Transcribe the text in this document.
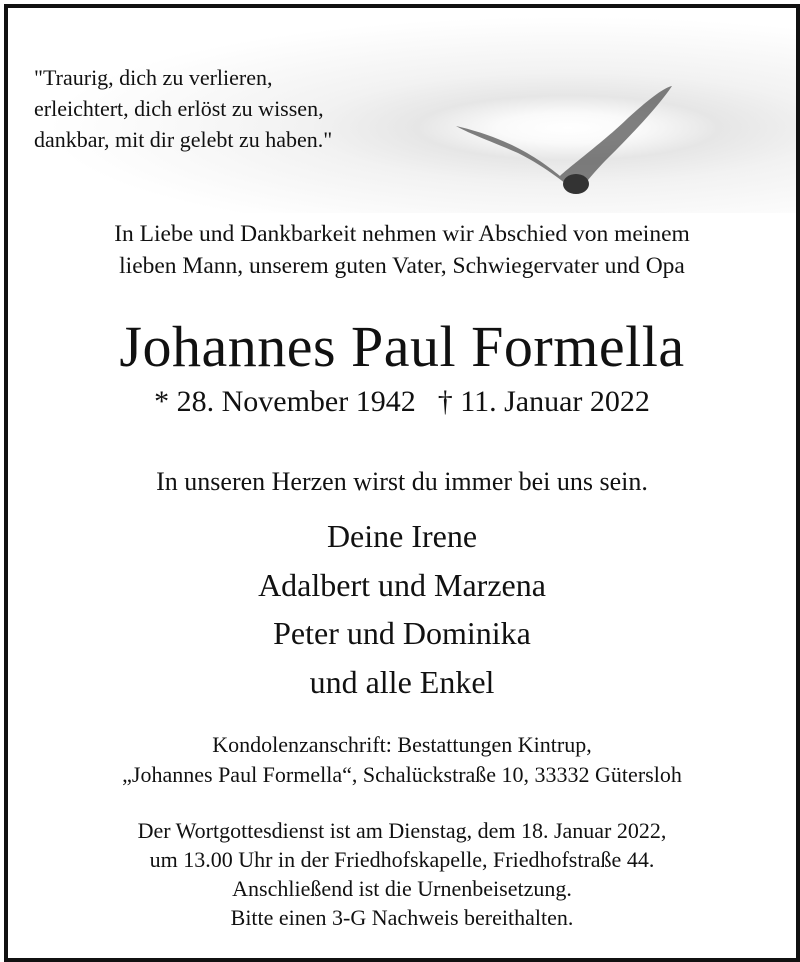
"Traurig, dich zu verlieren,
erleichtert, dich erlöst zu wissen,
dankbar, mit dir gelebt zu haben."
In Liebe und Dankbarkeit nehmen wir Abschied von meinem
lieben Mann, unserem guten Vater, Schwiegervater und Opa
Johannes Paul Formella
* 28. November 1942 † 11. Januar 2022
In unseren Herzen wirst du immer bei uns sein.
Deine Irene
Adalbert und Marzena
Peter und Dominika
und alle Enkel
Kondolenzanschrift: Bestattungen Kintrup,
„Johannes Paul Formella“, Schalückstraße 10, 33332 Gütersloh
Der Wortgottesdienst ist am Dienstag, dem 18. Januar 2022,
um 13.00 Uhr in der Friedhofskapelle, Friedhofstraße 44.
Anschließend ist die Urnenbeisetzung.
Bitte einen 3-G Nachweis bereithalten.
